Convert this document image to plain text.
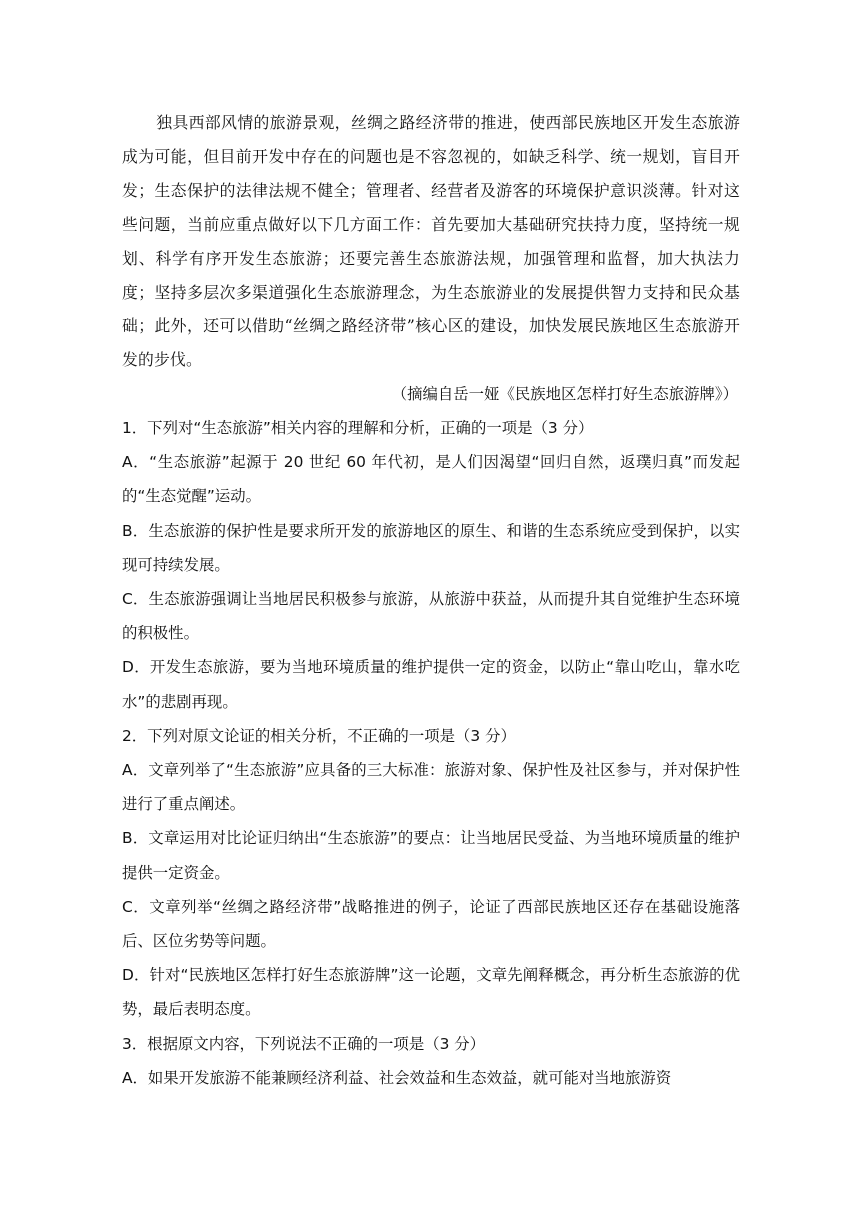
独具西部风情的旅游景观，丝绸之路经济带的推进，使西部民族地区开发生态旅游成为可能，但目前开发中存在的问题也是不容忽视的，如缺乏科学、统一规划，盲目开发；生态保护的法律法规不健全；管理者、经营者及游客的环境保护意识淡薄。针对这些问题，当前应重点做好以下几方面工作：首先要加大基础研究扶持力度，坚持统一规划、科学有序开发生态旅游；还要完善生态旅游法规，加强管理和监督，加大执法力度；坚持多层次多渠道强化生态旅游理念，为生态旅游业的发展提供智力支持和民众基础；此外，还可以借助“丝绸之路经济带”核心区的建设，加快发展民族地区生态旅游开发的步伐。

（摘编自岳一娅《民族地区怎样打好生态旅游牌》）

1．下列对“生态旅游”相关内容的理解和分析，正确的一项是（3 分）

A．“生态旅游”起源于 20 世纪 60 年代初，是人们因渴望“回归自然，返璞归真”而发起的“生态觉醒”运动。

B．生态旅游的保护性是要求所开发的旅游地区的原生、和谐的生态系统应受到保护，以实现可持续发展。

C．生态旅游强调让当地居民积极参与旅游，从旅游中获益，从而提升其自觉维护生态环境的积极性。

D．开发生态旅游，要为当地环境质量的维护提供一定的资金，以防止“靠山吃山，靠水吃水”的悲剧再现。

2．下列对原文论证的相关分析，不正确的一项是（3 分）

A．文章列举了“生态旅游”应具备的三大标准：旅游对象、保护性及社区参与，并对保护性进行了重点阐述。

B．文章运用对比论证归纳出“生态旅游”的要点：让当地居民受益、为当地环境质量的维护提供一定资金。

C．文章列举“丝绸之路经济带”战略推进的例子，论证了西部民族地区还存在基础设施落后、区位劣势等问题。

D．针对“民族地区怎样打好生态旅游牌”这一论题，文章先阐释概念，再分析生态旅游的优势，最后表明态度。

3．根据原文内容，下列说法不正确的一项是（3 分）

A．如果开发旅游不能兼顾经济利益、社会效益和生态效益，就可能对当地旅游资
